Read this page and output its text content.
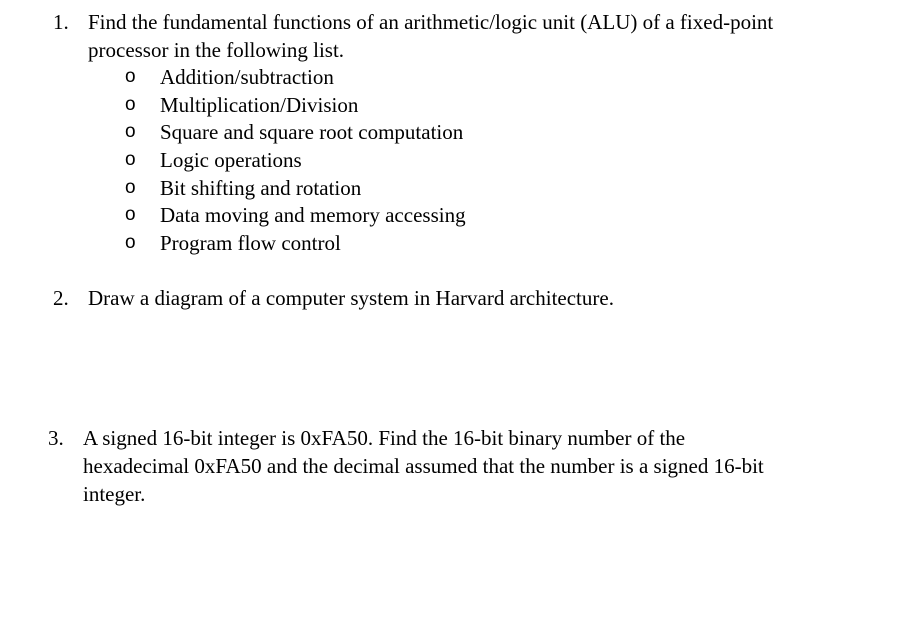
1. Find the fundamental functions of an arithmetic/logic unit (ALU) of a fixed-point
processor in the following list.
o Addition/subtraction
o Multiplication/Division
o Square and square root computation
o Logic operations
o Bit shifting and rotation
o Data moving and memory accessing
o Program flow control
2. Draw a diagram of a computer system in Harvard architecture.
3. A signed 16-bit integer is 0xFA50. Find the 16-bit binary number of the
hexadecimal 0xFA50 and the decimal assumed that the number is a signed 16-bit
integer.
